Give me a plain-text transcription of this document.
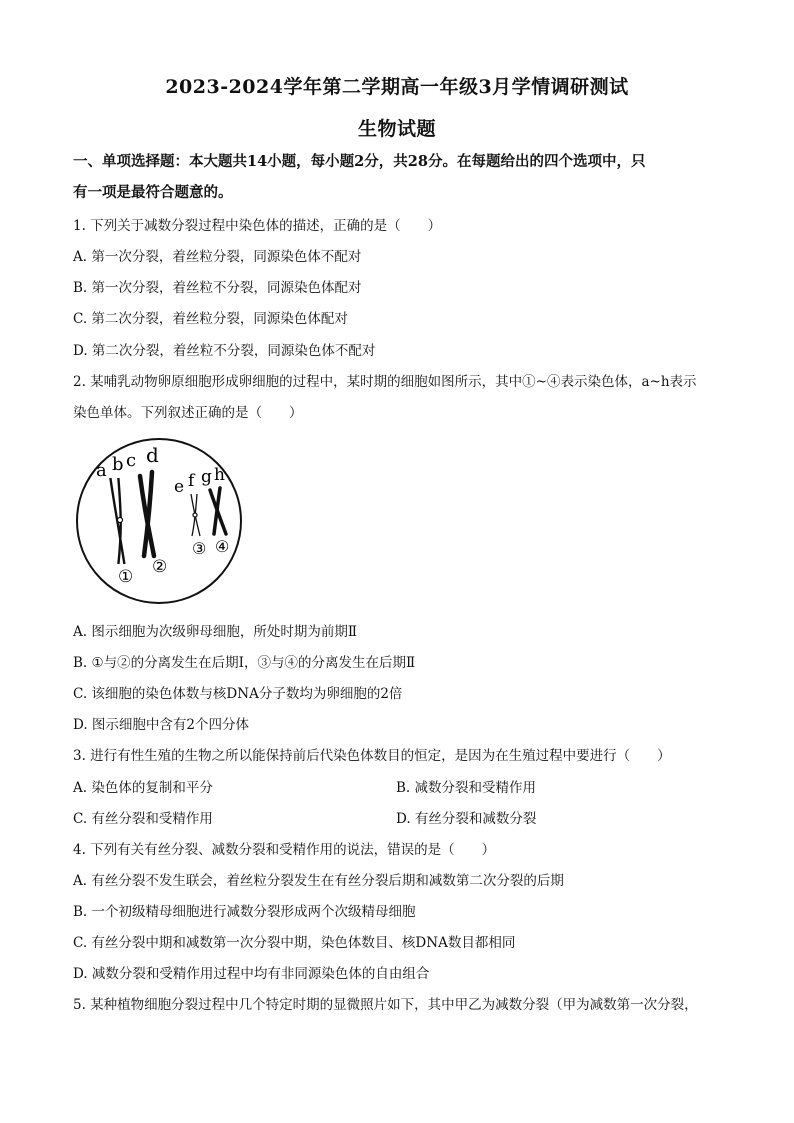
2023-2024学年第二学期高一年级3月学情调研测试
生物试题
一、单项选择题：本大题共14小题，每小题2分，共28分。在每题给出的四个选项中，只
有一项是最符合题意的。
1. 下列关于减数分裂过程中染色体的描述，正确的是（　　）
A. 第一次分裂，着丝粒分裂，同源染色体不配对
B. 第一次分裂，着丝粒不分裂，同源染色体配对
C. 第二次分裂，着丝粒分裂，同源染色体配对
D. 第二次分裂，着丝粒不分裂，同源染色体不配对
2. 某哺乳动物卵原细胞形成卵细胞的过程中，某时期的细胞如图所示，其中①~④表示染色体，a~h表示
染色单体。下列叙述正确的是（　　）
a b c d
e f g h
① ②
③ ④
A. 图示细胞为次级卵母细胞，所处时期为前期Ⅱ
B. ①与②的分离发生在后期Ⅰ，③与④的分离发生在后期Ⅱ
C. 该细胞的染色体数与核DNA分子数均为卵细胞的2倍
D. 图示细胞中含有2个四分体
3. 进行有性生殖的生物之所以能保持前后代染色体数目的恒定，是因为在生殖过程中要进行（　　）
A. 染色体的复制和平分	B. 减数分裂和受精作用
C. 有丝分裂和受精作用	D. 有丝分裂和减数分裂
4. 下列有关有丝分裂、减数分裂和受精作用的说法，错误的是（　　）
A. 有丝分裂不发生联会，着丝粒分裂发生在有丝分裂后期和减数第二次分裂的后期
B. 一个初级精母细胞进行减数分裂形成两个次级精母细胞
C. 有丝分裂中期和减数第一次分裂中期，染色体数目、核DNA数目都相同
D. 减数分裂和受精作用过程中均有非同源染色体的自由组合
5. 某种植物细胞分裂过程中几个特定时期的显微照片如下，其中甲乙为减数分裂（甲为减数第一次分裂，
